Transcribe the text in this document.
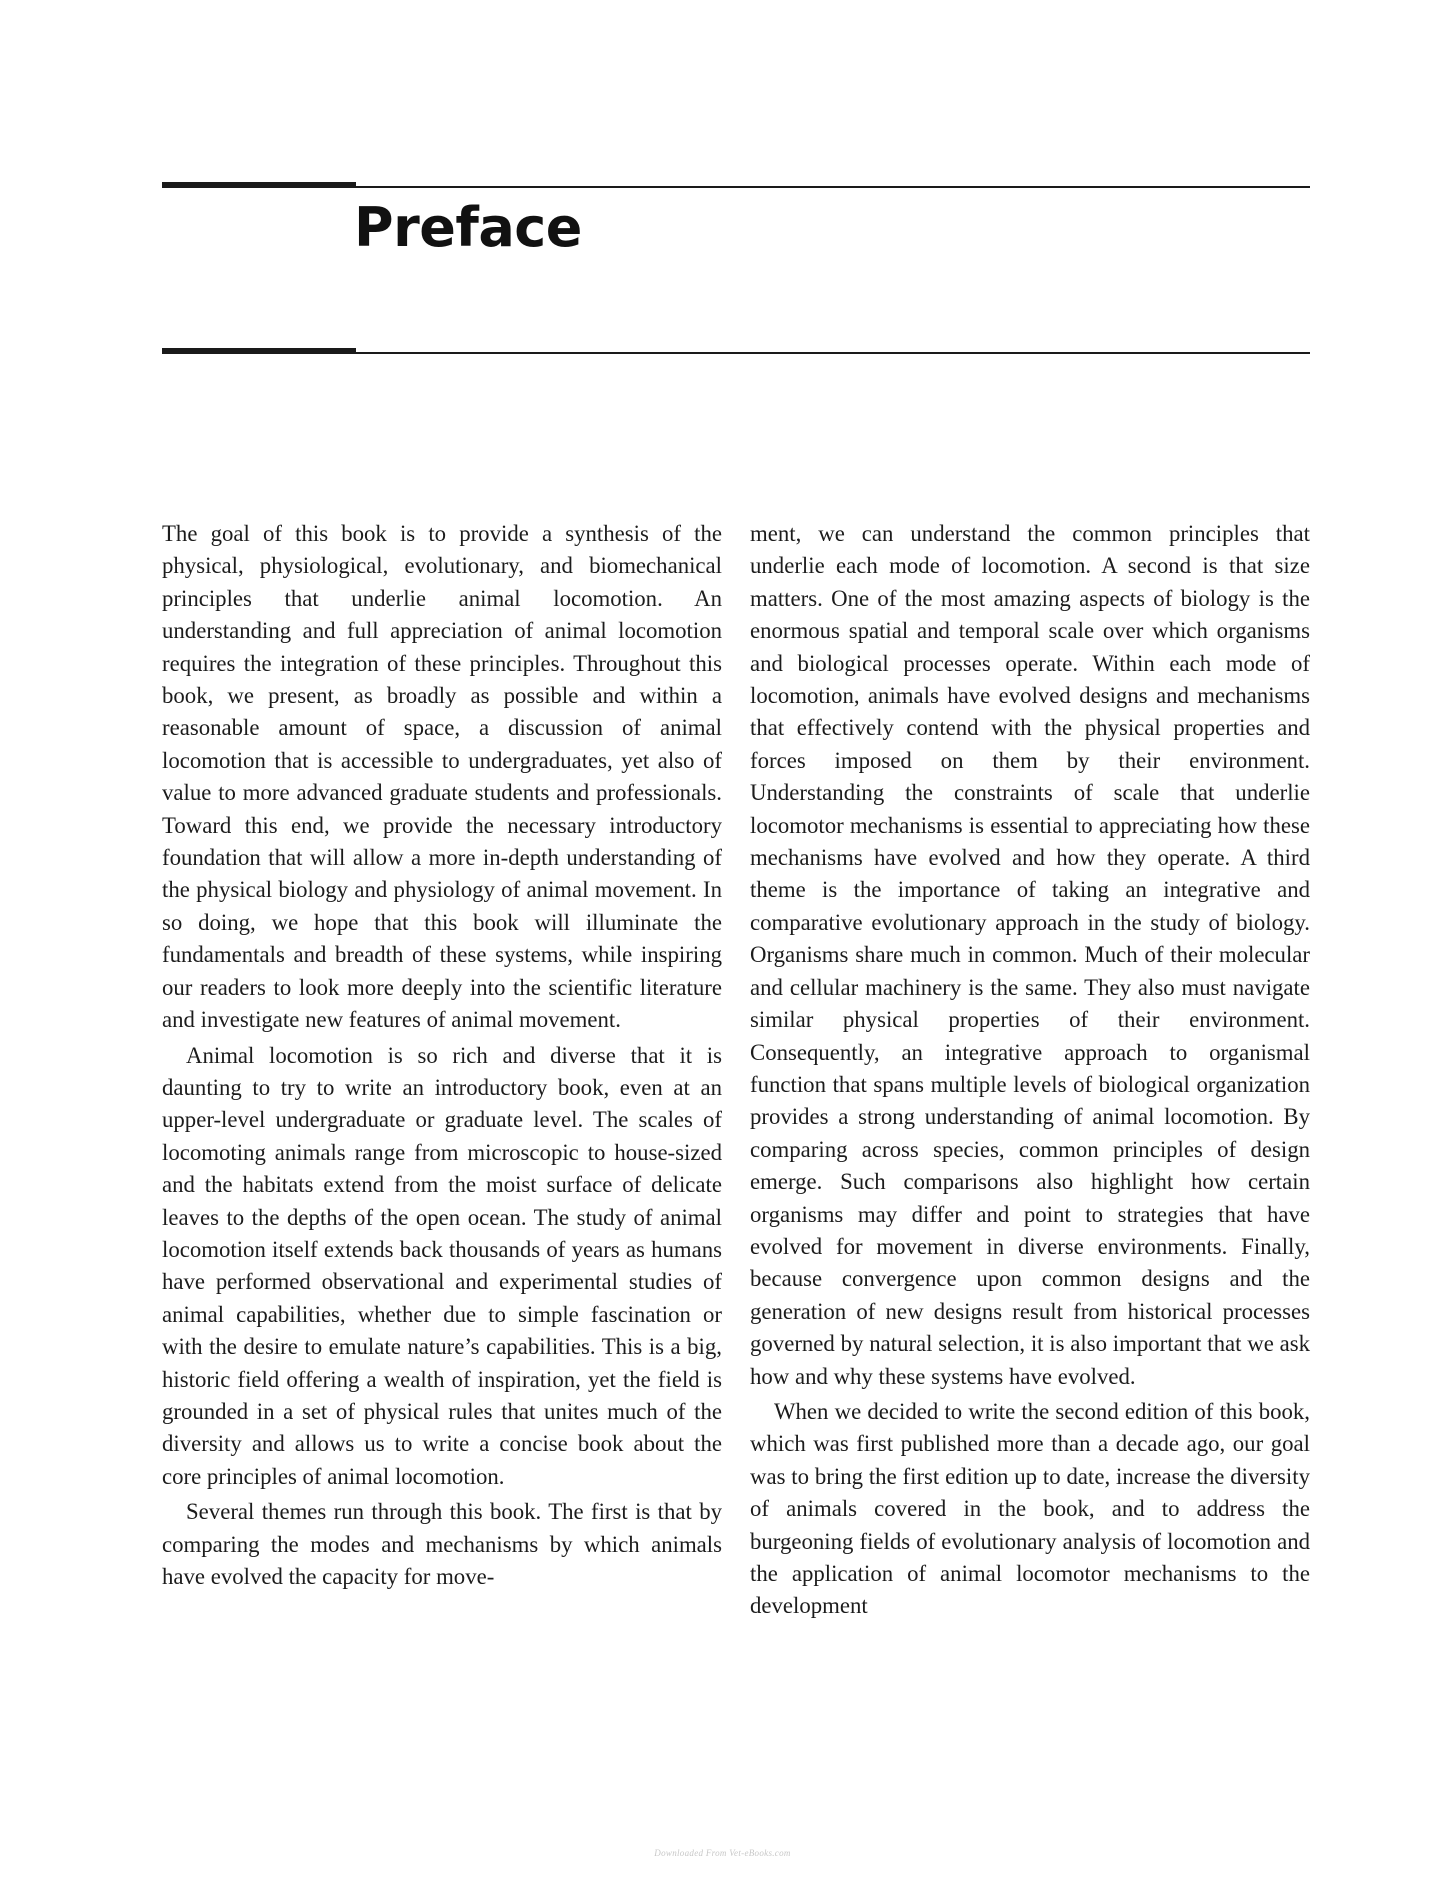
Preface

The goal of this book is to provide a synthesis of the physical, physiological, evolutionary, and biomechanical principles that underlie animal locomotion. An understanding and full appreciation of animal locomotion requires the integration of these principles. Throughout this book, we present, as broadly as possible and within a reasonable amount of space, a discussion of animal locomotion that is accessible to undergraduates, yet also of value to more advanced graduate students and professionals. Toward this end, we provide the necessary introductory foundation that will allow a more in-depth understanding of the physical biology and physiology of animal movement. In so doing, we hope that this book will illuminate the fundamentals and breadth of these systems, while inspiring our readers to look more deeply into the scientific literature and investigate new features of animal movement.

Animal locomotion is so rich and diverse that it is daunting to try to write an introductory book, even at an upper-level undergraduate or graduate level. The scales of locomoting animals range from microscopic to house-sized and the habitats extend from the moist surface of delicate leaves to the depths of the open ocean. The study of animal locomotion itself extends back thousands of years as humans have performed observational and experimental studies of animal capabilities, whether due to simple fascination or with the desire to emulate nature’s capabilities. This is a big, historic field offering a wealth of inspiration, yet the field is grounded in a set of physical rules that unites much of the diversity and allows us to write a concise book about the core principles of animal locomotion.

Several themes run through this book. The first is that by comparing the modes and mechanisms by which animals have evolved the capacity for move-

ment, we can understand the common principles that underlie each mode of locomotion. A second is that size matters. One of the most amazing aspects of biology is the enormous spatial and temporal scale over which organisms and biological processes operate. Within each mode of locomotion, animals have evolved designs and mechanisms that effectively contend with the physical properties and forces imposed on them by their environment. Understanding the constraints of scale that underlie locomotor mechanisms is essential to appreciating how these mechanisms have evolved and how they operate. A third theme is the importance of taking an integrative and comparative evolutionary approach in the study of biology. Organisms share much in common. Much of their molecular and cellular machinery is the same. They also must navigate similar physical properties of their environment. Consequently, an integrative approach to organismal function that spans multiple levels of biological organization provides a strong understanding of animal locomotion. By comparing across species, common principles of design emerge. Such comparisons also highlight how certain organisms may differ and point to strategies that have evolved for movement in diverse environments. Finally, because convergence upon common designs and the generation of new designs result from historical processes governed by natural selection, it is also important that we ask how and why these systems have evolved.

When we decided to write the second edition of this book, which was first published more than a decade ago, our goal was to bring the first edition up to date, increase the diversity of animals covered in the book, and to address the burgeoning fields of evolutionary analysis of locomotion and the application of animal locomotor mechanisms to the development

Downloaded From Vet-eBooks.com
